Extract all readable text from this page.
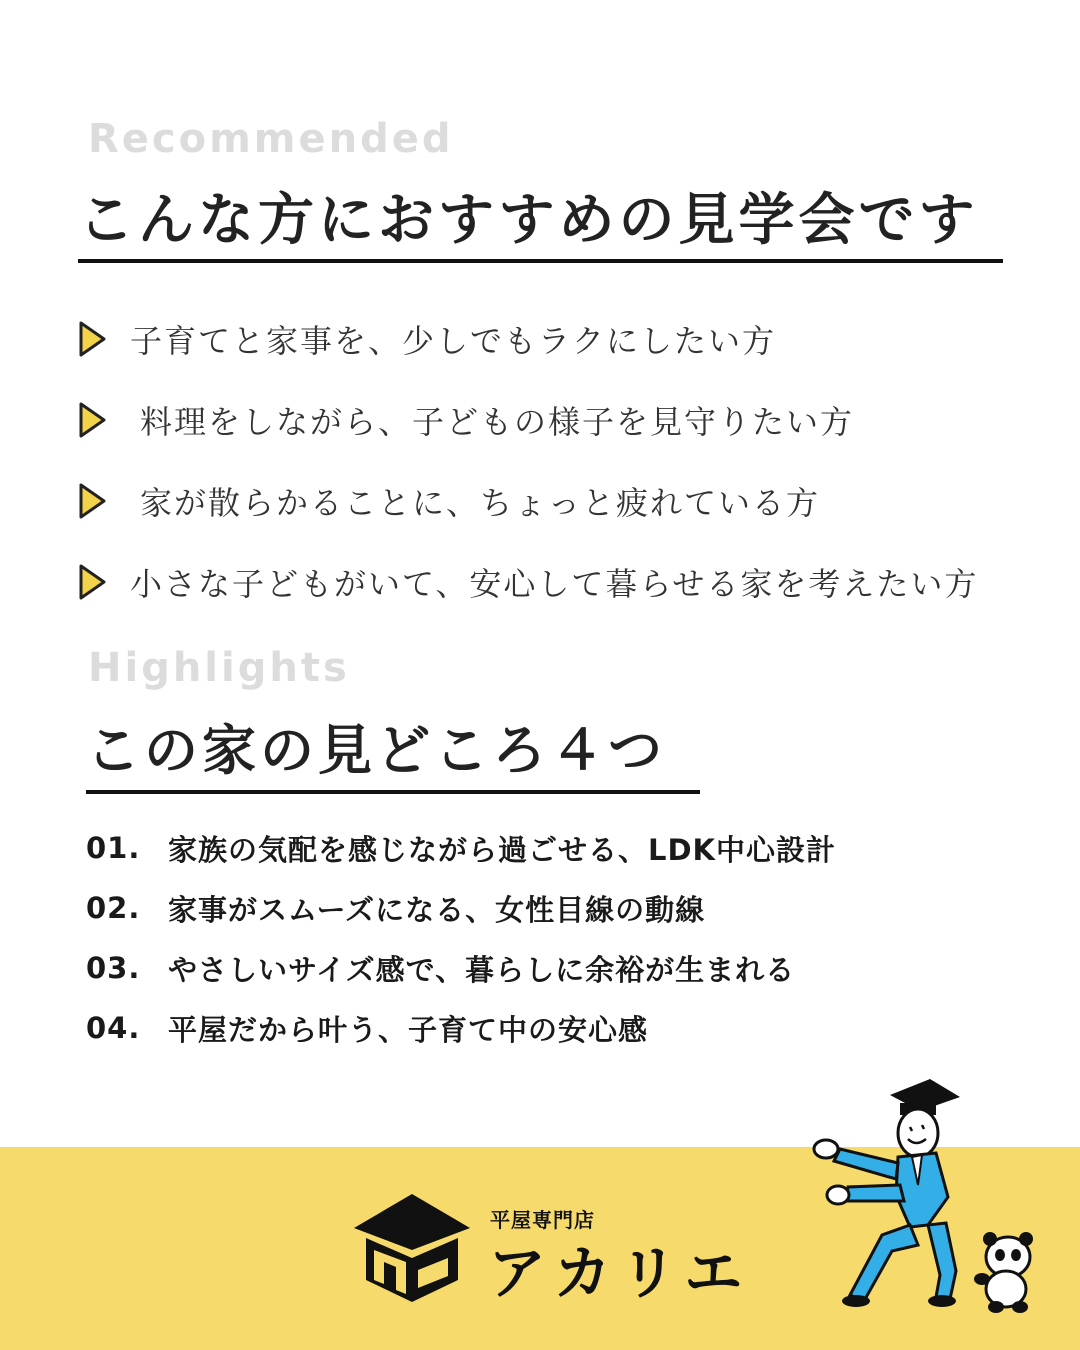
Recommended
こんな方におすすめの見学会です
子育てと家事を、少しでもラクにしたい方
料理をしながら、子どもの様子を見守りたい方
家が散らかることに、ちょっと疲れている方
小さな子どもがいて、安心して暮らせる家を考えたい方
Highlights
この家の見どころ４つ
01. 家族の気配を感じながら過ごせる、LDK中心設計
02. 家事がスムーズになる、女性目線の動線
03. やさしいサイズ感で、暮らしに余裕が生まれる
04. 平屋だから叶う、子育て中の安心感
平屋専門店
アカリエ
